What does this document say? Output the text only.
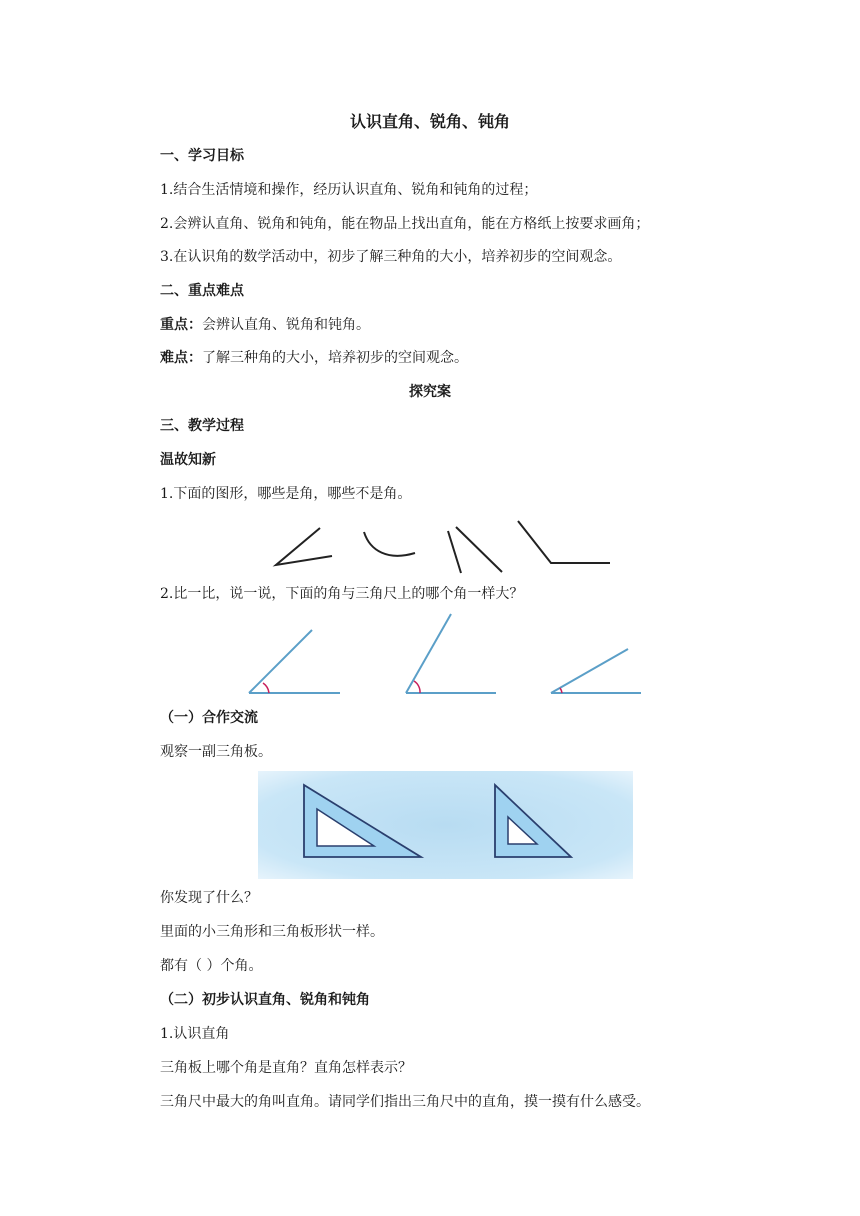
认识直角、锐角、钝角
一、学习目标
1.结合生活情境和操作，经历认识直角、锐角和钝角的过程；
2.会辨认直角、锐角和钝角，能在物品上找出直角，能在方格纸上按要求画角；
3.在认识角的数学活动中，初步了解三种角的大小，培养初步的空间观念。
二、重点难点
重点：会辨认直角、锐角和钝角。
难点：了解三种角的大小，培养初步的空间观念。
探究案
三、教学过程
温故知新
1.下面的图形，哪些是角，哪些不是角。
2.比一比，说一说，下面的角与三角尺上的哪个角一样大？
（一）合作交流
观察一副三角板。
你发现了什么？
里面的小三角形和三角板形状一样。
都有（ ）个角。
（二）初步认识直角、锐角和钝角
1.认识直角
三角板上哪个角是直角？直角怎样表示？
三角尺中最大的角叫直角。请同学们指出三角尺中的直角，摸一摸有什么感受。
